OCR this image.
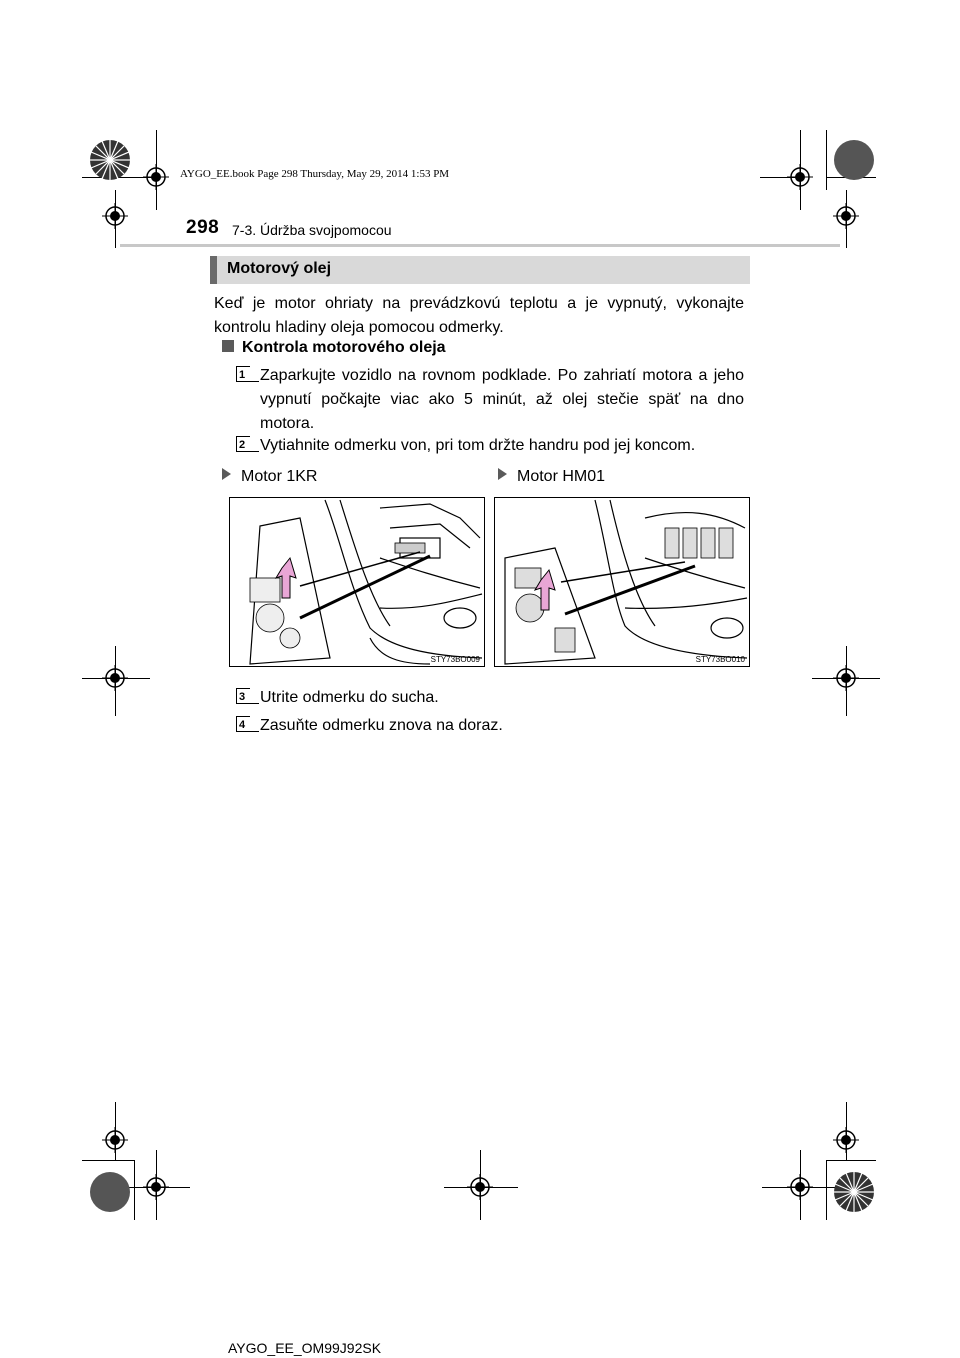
AYGO_EE.book Page 298 Thursday, May 29, 2014 1:53 PM
298 7-3. Údržba svojpomocou
Motorový olej
Keď je motor ohriaty na prevádzkovú teplotu a je vypnutý, vykonajte kontrolu hladiny oleja pomocou odmerky.
Kontrola motorového oleja
1 Zaparkujte vozidlo na rovnom podklade. Po zahriatí motora a jeho vypnutí počkajte viac ako 5 minút, až olej stečie späť na dno motora.
2 Vytiahnite odmerku von, pri tom držte handru pod jej koncom.
Motor 1KR	Motor HM01
STY73BO009	STY73BO010
3 Utrite odmerku do sucha.
4 Zasuňte odmerku znova na doraz.
AYGO_EE_OM99J92SK
